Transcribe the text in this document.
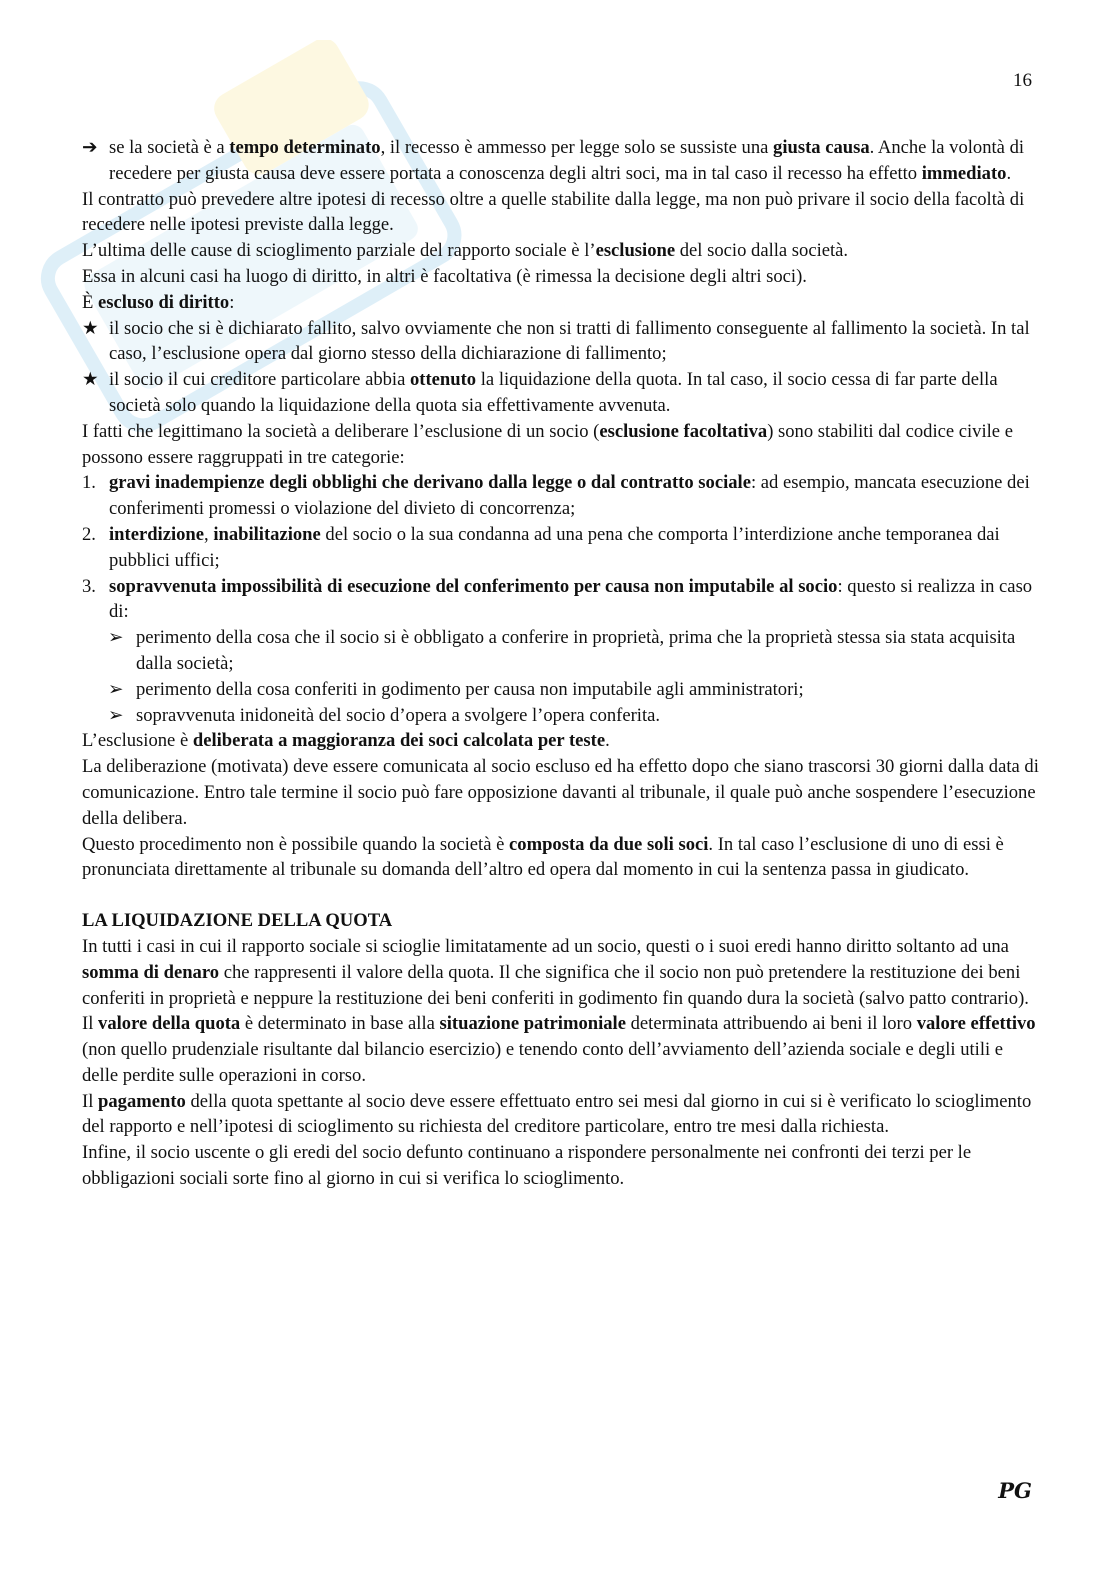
16

➔ se la società è a tempo determinato, il recesso è ammesso per legge solo se sussiste una giusta causa. Anche la volontà di recedere per giusta causa deve essere portata a conoscenza degli altri soci, ma in tal caso il recesso ha effetto immediato.

Il contratto può prevedere altre ipotesi di recesso oltre a quelle stabilite dalla legge, ma non può privare il socio della facoltà di recedere nelle ipotesi previste dalla legge.

L’ultima delle cause di scioglimento parziale del rapporto sociale è l’esclusione del socio dalla società.

Essa in alcuni casi ha luogo di diritto, in altri è facoltativa (è rimessa la decisione degli altri soci).

È escluso di diritto:

★ il socio che si è dichiarato fallito, salvo ovviamente che non si tratti di fallimento conseguente al fallimento la società. In tal caso, l’esclusione opera dal giorno stesso della dichiarazione di fallimento;

★ il socio il cui creditore particolare abbia ottenuto la liquidazione della quota. In tal caso, il socio cessa di far parte della società solo quando la liquidazione della quota sia effettivamente avvenuta.

I fatti che legittimano la società a deliberare l’esclusione di un socio (esclusione facoltativa) sono stabiliti dal codice civile e possono essere raggruppati in tre categorie:

1. gravi inadempienze degli obblighi che derivano dalla legge o dal contratto sociale: ad esempio, mancata esecuzione dei conferimenti promessi o violazione del divieto di concorrenza;

2. interdizione, inabilitazione del socio o la sua condanna ad una pena che comporta l’interdizione anche temporanea dai pubblici uffici;

3. sopravvenuta impossibilità di esecuzione del conferimento per causa non imputabile al socio: questo si realizza in caso di:

➢ perimento della cosa che il socio si è obbligato a conferire in proprietà, prima che la proprietà stessa sia stata acquisita dalla società;

➢ perimento della cosa conferiti in godimento per causa non imputabile agli amministratori;

➢ sopravvenuta inidoneità del socio d’opera a svolgere l’opera conferita.

L’esclusione è deliberata a maggioranza dei soci calcolata per teste.

La deliberazione (motivata) deve essere comunicata al socio escluso ed ha effetto dopo che siano trascorsi 30 giorni dalla data di comunicazione. Entro tale termine il socio può fare opposizione davanti al tribunale, il quale può anche sospendere l’esecuzione della delibera.

Questo procedimento non è possibile quando la società è composta da due soli soci. In tal caso l’esclusione di uno di essi è pronunciata direttamente al tribunale su domanda dell’altro ed opera dal momento in cui la sentenza passa in giudicato.

LA LIQUIDAZIONE DELLA QUOTA

In tutti i casi in cui il rapporto sociale si scioglie limitatamente ad un socio, questi o i suoi eredi hanno diritto soltanto ad una somma di denaro che rappresenti il valore della quota. Il che significa che il socio non può pretendere la restituzione dei beni conferiti in proprietà e neppure la restituzione dei beni conferiti in godimento fin quando dura la società (salvo patto contrario).

Il valore della quota è determinato in base alla situazione patrimoniale determinata attribuendo ai beni il loro valore effettivo (non quello prudenziale risultante dal bilancio esercizio) e tenendo conto dell’avviamento dell’azienda sociale e degli utili e delle perdite sulle operazioni in corso.

Il pagamento della quota spettante al socio deve essere effettuato entro sei mesi dal giorno in cui si è verificato lo scioglimento del rapporto e nell’ipotesi di scioglimento su richiesta del creditore particolare, entro tre mesi dalla richiesta.

Infine, il socio uscente o gli eredi del socio defunto continuano a rispondere personalmente nei confronti dei terzi per le obbligazioni sociali sorte fino al giorno in cui si verifica lo scioglimento.

PG
